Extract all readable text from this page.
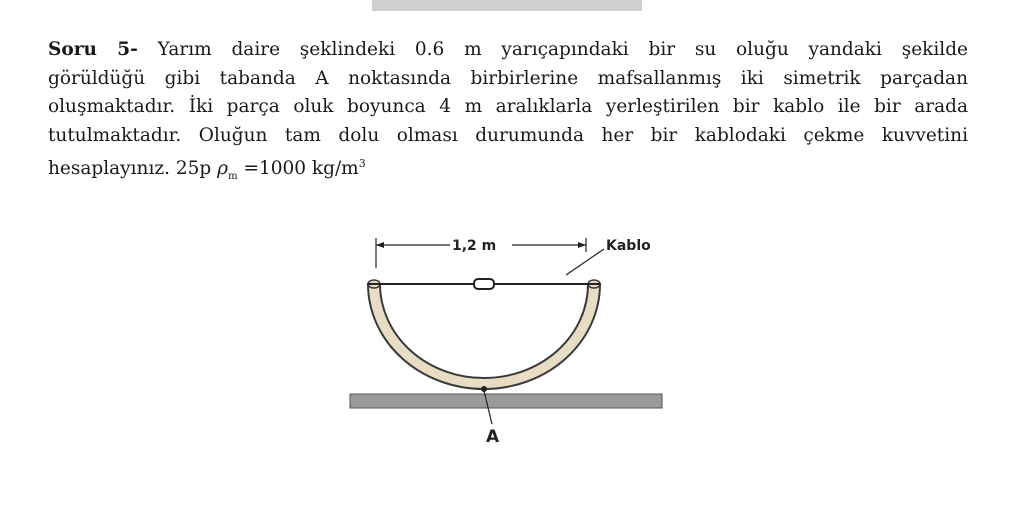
Soru 5- Yarım daire şeklindeki 0.6 m yarıçapındaki bir su oluğu yandaki şekilde
görüldüğü gibi tabanda A noktasında birbirlerine mafsallanmış iki simetrik parçadan
oluşmaktadır. İki parça oluk boyunca 4 m aralıklarla yerleştirilen bir kablo ile bir arada
tutulmaktadır. Oluğun tam dolu olması durumunda her bir kablodaki çekme kuvvetini
hesaplayınız. 25p $\rho_m =1000$ $kg/m^3$
1,2 m	Kablo
A
